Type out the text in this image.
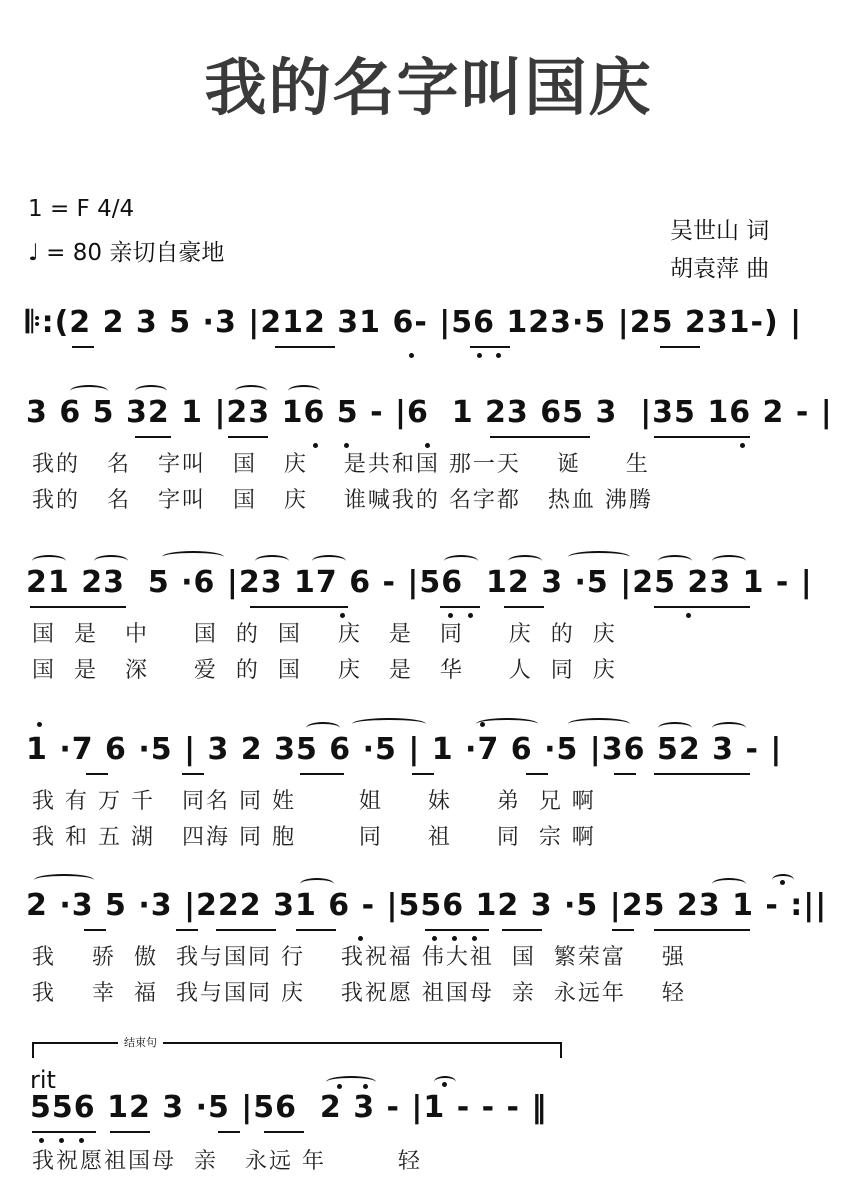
我的名字叫国庆
1 = F 4/4
♩ = 80 亲切自豪地
吴世山 词
胡袁萍 曲
𝄆:(2 2 3 5 ·3 |212 31 6- |56 123·5 |25 231-) |
3 6 5 32 1 |23 16 5 - |6  1 23 65 3  |35 16 2 - |
我的   名   字叫   国   庆    是共和国 那一天    诞     生
我的   名   字叫   国   庆    谁喊我的 名字都   热血 沸腾
21 23  5 ·6 |23 17 6 - |56  12 3 ·5 |25 23 1 - |
国  是   中     国  的  国    庆   是   同     庆  的  庆
国  是   深     爱  的  国    庆   是   华     人  同  庆
1 ·7 6 ·5 | 3 2 35 6 ·5 | 1 ·7 6 ·5 |36 52 3 - |
我 有 万 千   同名 同 姓       姐     妹     弟  兄 啊
我 和 五 湖   四海 同 胞       同     祖     同  宗 啊
2 ·3 5 ·3 |222 31 6 - |556 12 3 ·5 |25 23 1 - :||
我    骄  傲  我与国同 行    我祝福 伟大祖  国  繁荣富    强
我    幸  福  我与国同 庆    我祝愿 祖国母  亲  永远年    轻
结束句
rit
556 12 3 ·5 |56  2 3 - |1 - - - ‖
我祝愿祖国母  亲   永远 年        轻
